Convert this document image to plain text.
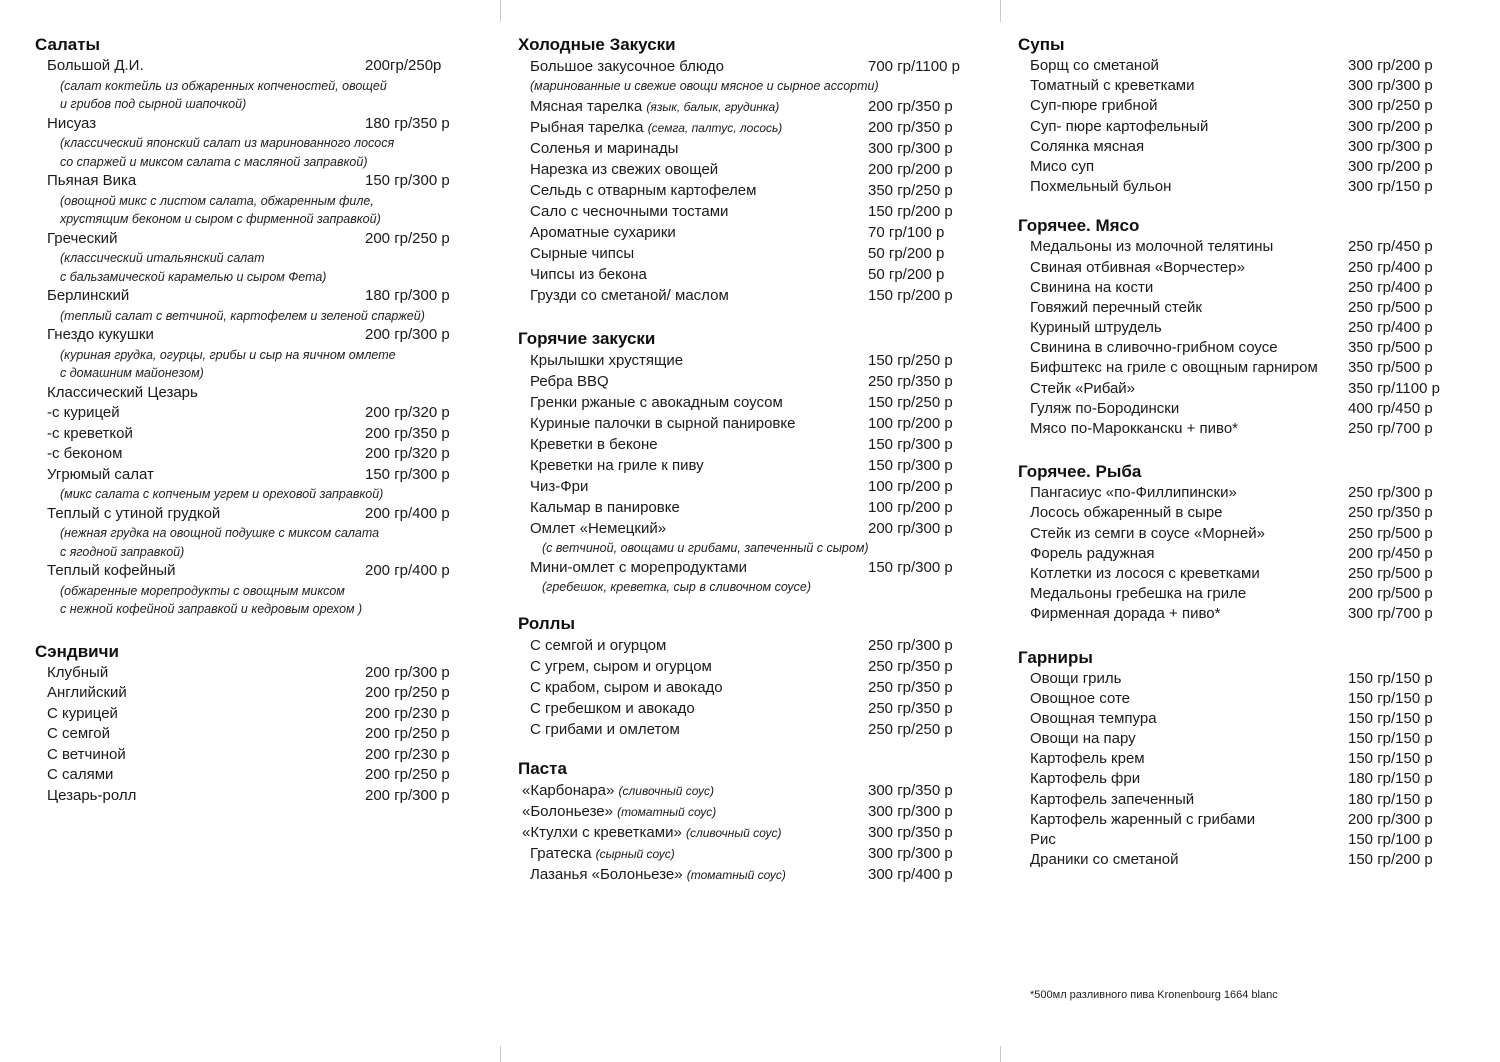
Салаты
Большой Д.И.	200гр/250р
(салат коктейль из обжаренных копченостей, овощей
и грибов под сырной шапочкой)
Нисуаз	180 гр/350 р
(классический японский салат из маринованного лосося
со спаржей и миксом салата с масляной заправкой)
Пьяная Вика	150 гр/300 р
(овощной микс с листом салата, обжаренным филе,
хрустящим беконом и сыром с фирменной заправкой)
Греческий	200 гр/250 р
(классический итальянский салат
с бальзамической карамелью и сыром Фета)
Берлинский	180 гр/300 р
(теплый салат с ветчиной, картофелем и зеленой спаржей)
Гнездо кукушки	200 гр/300 р
(куриная грудка, огурцы, грибы и сыр на яичном омлете
с домашним майонезом)
Классический Цезарь
-с курицей	200 гр/320 р
-с креветкой	200 гр/350 р
-с беконом	200 гр/320 р
Угрюмый салат	150 гр/300 р
(микс салата с копченым угрем и ореховой заправкой)
Теплый с утиной грудкой	200 гр/400 р
(нежная грудка на овощной подушке с миксом салата
с ягодной заправкой)
Теплый кофейный	200 гр/400 р
(обжаренные морепродукты с овощным миксом
с нежной кофейной заправкой и кедровым орехом )
Сэндвичи
Клубный	200 гр/300 р
Английский	200 гр/250 р
С курицей	200 гр/230 р
С семгой	200 гр/250 р
С ветчиной	200 гр/230 р
С салями	200 гр/250 р
Цезарь-ролл	200 гр/300 р
Холодные Закуски
Большое закусочное блюдо	700 гр/1100 р
(маринованные и свежие овощи мясное и сырное ассорти)
Мясная тарелка (язык, балык, грудинка)	200 гр/350 р
Рыбная тарелка (семга, палтус, лосось)	200 гр/350 р
Соленья и маринады	300 гр/300 р
Нарезка из свежих овощей	200 гр/200 р
Сельдь с отварным картофелем	350 гр/250 р
Сало с чесночными тостами	150 гр/200 р
Ароматные сухарики	70 гр/100 р
Сырные чипсы	50 гр/200 р
Чипсы из бекона	50 гр/200 р
Грузди со сметаной/ маслом	150 гр/200 р
Горячие закуски
Крылышки хрустящие	150 гр/250 р
Ребра BBQ	250 гр/350 р
Гренки ржаные с авокадным соусом	150 гр/250 р
Куриные палочки в сырной панировке	100 гр/200 р
Креветки в беконе	150 гр/300 р
Креветки на гриле к пиву	150 гр/300 р
Чиз-Фри	100 гр/200 р
Кальмар в панировке	100 гр/200 р
Омлет «Немецкий»	200 гр/300 р
(с ветчиной, овощами и грибами, запеченный с сыром)
Мини-омлет с морепродуктами	150 гр/300 р
(гребешок, креветка, сыр в сливочном соусе)
Роллы
С семгой и огурцом	250 гр/300 р
С угрем, сыром и огурцом	250 гр/350 р
С крабом, сыром и авокадо	250 гр/350 р
С гребешком и авокадо	250 гр/350 р
С грибами и омлетом	250 гр/250 р
Паста
«Карбонара» (сливочный соус)	300 гр/350 р
«Болоньезе» (томатный соус)	300 гр/300 р
«Ктулхи с креветками» (сливочный соус)	300 гр/350 р
Гратеска (сырный соус)	300 гр/300 р
Лазанья «Болоньезе» (томатный соус)	300 гр/400 р
Супы
Борщ со сметаной	300 гр/200 р
Томатный с креветками	300 гр/300 р
Суп-пюре грибной	300 гр/250 р
Суп- пюре картофельный	300 гр/200 р
Солянка мясная	300 гр/300 р
Мисо суп	300 гр/200 р
Похмельный бульон	300 гр/150 р
Горячее. Мясо
Медальоны из молочной телятины	250 гр/450 р
Свиная отбивная «Ворчестер»	250 гр/400 р
Свинина на кости	250 гр/400 р
Говяжий перечный стейк	250 гр/500 р
Куриный штрудель	250 гр/400 р
Свинина в сливочно-грибном соусе	350 гр/500 р
Бифштекс на гриле с овощным гарниром 350 гр/500 р
Стейк «Рибай»	350 гр/1100 р
Гуляж по-Бородински	400 гр/450 р
Мясо по-Марокканскu + пиво*	250 гр/700 р
Горячее. Рыба
Пангасиус «по-Филлипински»	250 гр/300 р
Лосось обжаренный в сыре	250 гр/350 р
Стейк из семги в соусе «Морней»	250 гр/500 р
Форель радужная	200 гр/450 р
Котлетки из лосося с креветками	250 гр/500 р
Медальоны гребешка на гриле	200 гр/500 р
Фирменная дорада + пиво*	300 гр/700 р
Гарниры
Овощи гриль	150 гр/150 р
Овощное соте	150 гр/150 р
Овощная темпура	150 гр/150 р
Овощи на пару	150 гр/150 р
Картофель крем	150 гр/150 р
Картофель фри	180 гр/150 р
Картофель запеченный	180 гр/150 р
Картофель жаренный с грибами	200 гр/300 р
Рис	150 гр/100 р
Драники со сметаной	150 гр/200 р
*500мл разливного пива Kronenbourg 1664 blanc
